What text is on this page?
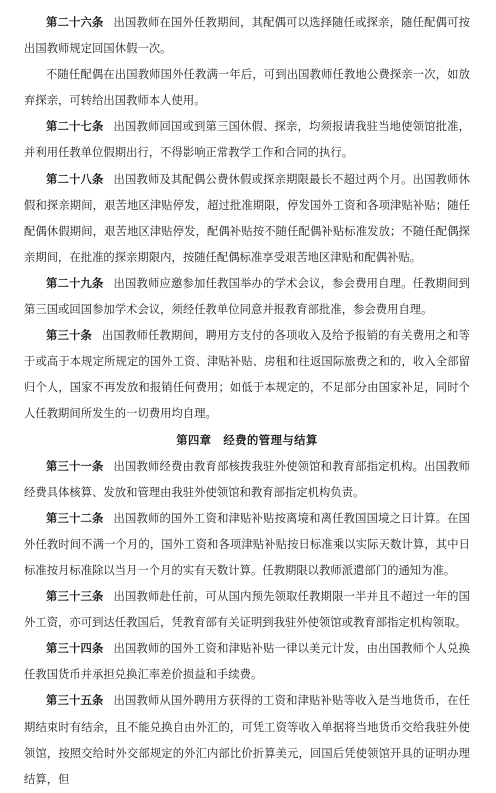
第二十六条 出国教师在国外任教期间，其配偶可以选择随任或探亲，随任配偶可按出国教师规定回国休假一次。

不随任配偶在出国教师国外任教满一年后，可到出国教师任教地公费探亲一次，如放弃探亲，可转给出国教师本人使用。

第二十七条 出国教师回国或到第三国休假、探亲，均须报请我驻当地使领馆批准，并利用任教单位假期出行，不得影响正常教学工作和合同的执行。

第二十八条 出国教师及其配偶公费休假或探亲期限最长不超过两个月。出国教师休假和探亲期间，艰苦地区津贴停发，超过批准期限，停发国外工资和各项津贴补贴；随任配偶休假期间，艰苦地区津贴停发，配偶补贴按不随任配偶补贴标准发放；不随任配偶探亲期间，在批准的探亲期限内，按随任配偶标准享受艰苦地区津贴和配偶补贴。

第二十九条 出国教师应邀参加任教国举办的学术会议，参会费用自理。任教期间到第三国或回国参加学术会议，须经任教单位同意并报教育部批准，参会费用自理。

第三十条 出国教师任教期间，聘用方支付的各项收入及给予报销的有关费用之和等于或高于本规定所规定的国外工资、津贴补贴、房租和往返国际旅费之和的，收入全部留归个人，国家不再发放和报销任何费用；如低于本规定的，不足部分由国家补足，同时个人任教期间所发生的一切费用均自理。

第四章　经费的管理与结算

第三十一条 出国教师经费由教育部核拨我驻外使领馆和教育部指定机构。出国教师经费具体核算、发放和管理由我驻外使领馆和教育部指定机构负责。

第三十二条 出国教师的国外工资和津贴补贴按离境和离任教国国境之日计算。在国外任教时间不满一个月的，国外工资和各项津贴补贴按日标准乘以实际天数计算，其中日标准按月标准除以当月一个月的实有天数计算。任教期限以教师派遣部门的通知为准。

第三十三条 出国教师赴任前，可从国内预先领取任教期限一半并且不超过一年的国外工资，亦可到达任教国后，凭教育部有关证明到我驻外使领馆或教育部指定机构领取。

第三十四条 出国教师的国外工资和津贴补贴一律以美元计发，由出国教师个人兑换任教国货币并承担兑换汇率差价损益和手续费。

第三十五条 出国教师从国外聘用方获得的工资和津贴补贴等收入是当地货币，在任期结束时有结余，且不能兑换自由外汇的，可凭工资等收入单据将当地货币交给我驻外使领馆，按照交给时外交部规定的外汇内部比价折算美元，回国后凭使领馆开具的证明办理结算，但
